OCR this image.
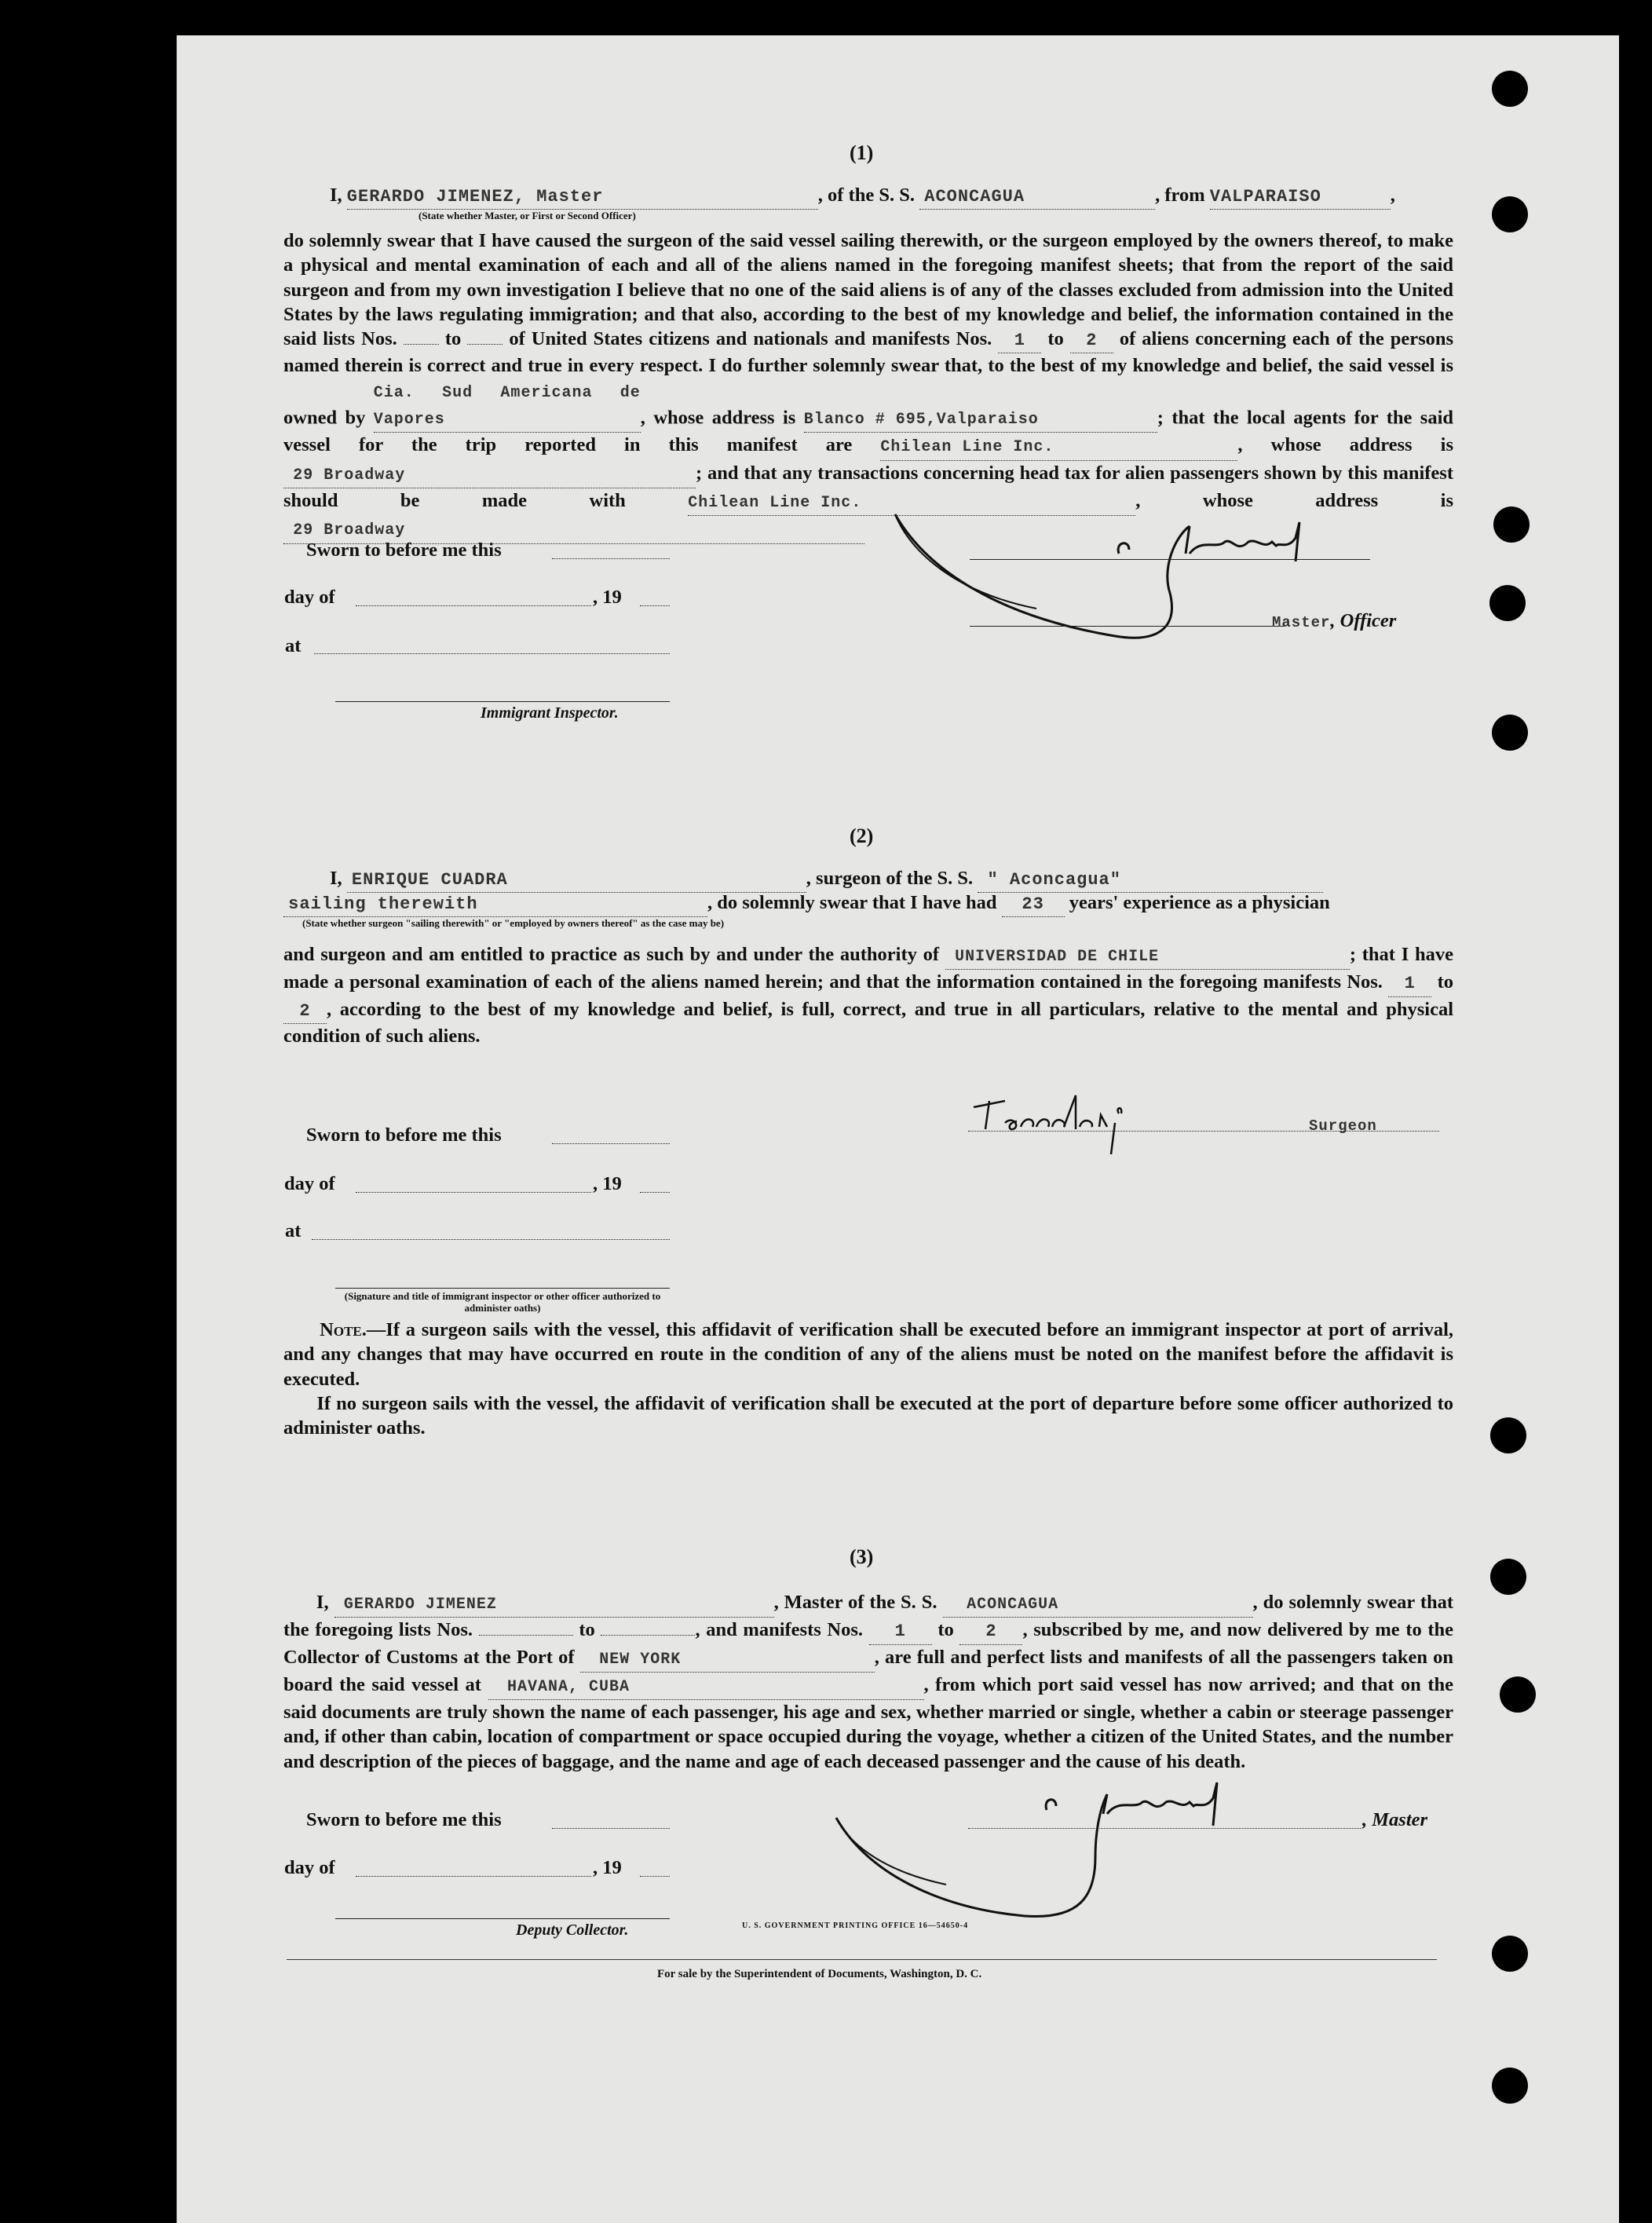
(1)
I, GERARDO JIMENEZ, Master	, of the S. S. ACONCAGUA	, from VALPARAISO	,
(State whether Master, or First or Second Officer)
do solemnly swear that I have caused the surgeon of the said vessel sailing therewith, or the surgeon employed by the owners thereof, to make a physical and mental examination of each and all of the aliens named in the foregoing manifest sheets; that from the report of the said surgeon and from my own investigation I believe that no one of the said aliens is of any of the classes excluded from admission into the United States by the laws regulating immigration; and that also, according to the best of my knowledge and belief, the information contained in the said lists Nos. to of United States citizens and nationals and manifests Nos. 1 to 2 of aliens concerning each of the persons named therein is correct and true in every respect. I do further solemnly swear that, to the best of my knowledge and belief, the said vessel is owned by Cia. Sud Americana de Vapores	, whose address is Blanco # 695,Valparaiso	; that the local agents for the said vessel for the trip reported in this manifest are Chilean Line Inc.	, whose address is   29 Broadway	; and that any transactions concerning head tax for alien passengers shown by this manifest should be made with	Chilean Line Inc.	, whose address is   29 Broadway
Sworn to before me this
day of	, 19
at
Immigrant Inspector.
Master, Officer
(2)
I, ENRIQUE CUADRA	, surgeon of the S. S. " Aconcagua"
sailing therewith	, do solemnly swear that I have had 23 years' experience as a physician
(State whether surgeon "sailing therewith" or "employed by owners thereof" as the case may be)
and surgeon and am entitled to practice as such by and under the authority of UNIVERSIDAD DE CHILE	; that I have made a personal examination of each of the aliens named herein; and that the information contained in the foregoing manifests Nos. 1 to 2 , according to the best of my knowledge and belief, is full, correct, and true in all particulars, relative to the mental and physical condition of such aliens.
Sworn to before me this
day of	, 19
at
(Signature and title of immigrant inspector or other officer authorized to administer oaths)
Surgeon
Note.—If a surgeon sails with the vessel, this affidavit of verification shall be executed before an immigrant inspector at port of arrival, and any changes that may have occurred en route in the condition of any of the aliens must be noted on the manifest before the affidavit is executed.
If no surgeon sails with the vessel, the affidavit of verification shall be executed at the port of departure before some officer authorized to administer oaths.
(3)
I, GERARDO JIMENEZ	, Master of the S. S. ACONCAGUA	, do solemnly swear that the foregoing lists Nos.	to	, and manifests Nos. 1 to 2 , subscribed by me, and now delivered by me to the Collector of Customs at the Port of NEW YORK	, are full and perfect lists and manifests of all the passengers taken on board the said vessel at HAVANA, CUBA	, from which port said vessel has now arrived; and that on the said documents are truly shown the name of each passenger, his age and sex, whether married or single, whether a cabin or steerage passenger and, if other than cabin, location of compartment or space occupied during the voyage, whether a citizen of the United States, and the number and description of the pieces of baggage, and the name and age of each deceased passenger and the cause of his death.
Sworn to before me this
day of	, 19
Deputy Collector.
, Master
U. S. GOVERNMENT PRINTING OFFICE 16—54650-4
For sale by the Superintendent of Documents, Washington, D. C.
